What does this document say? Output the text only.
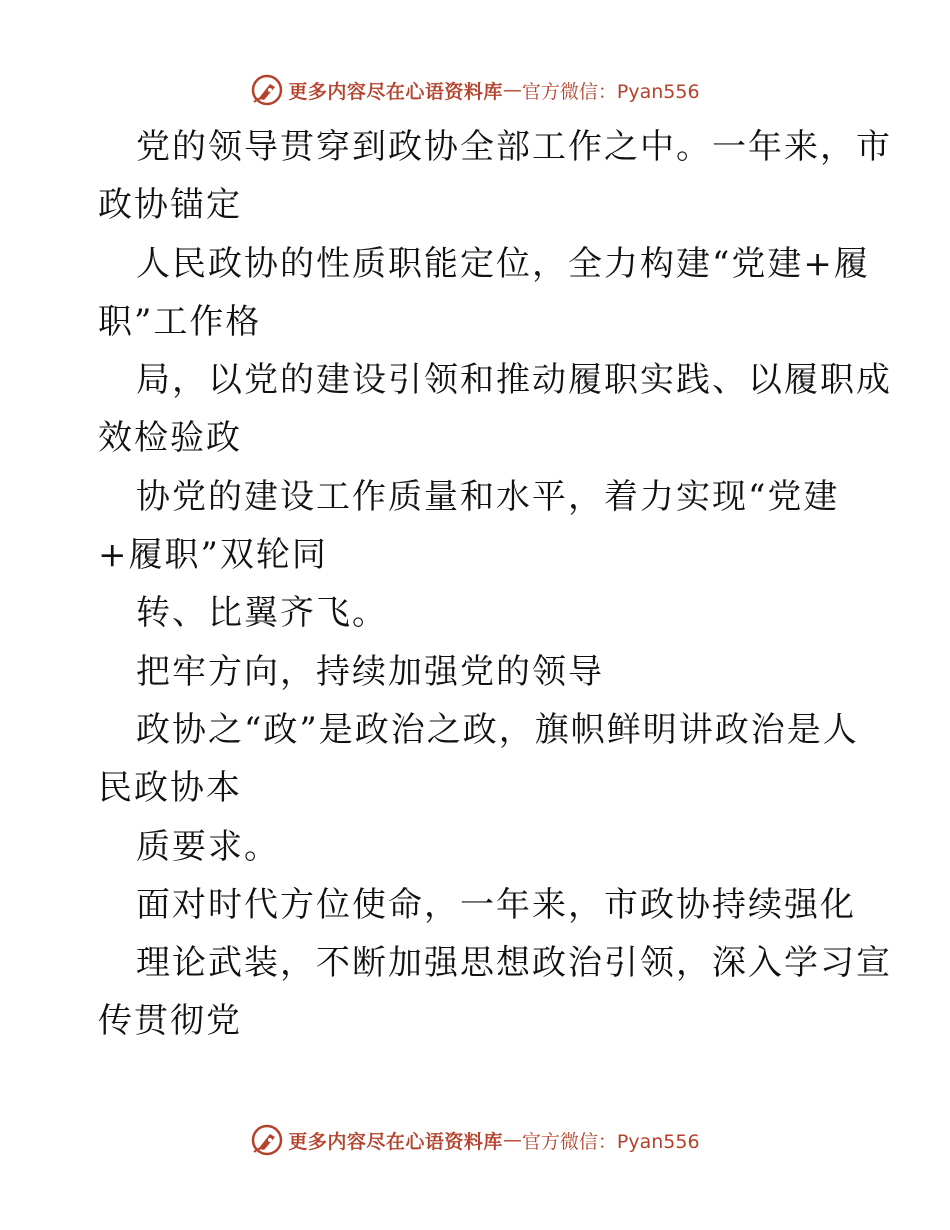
更多内容尽在心语资料库 — 官方微信：Pyan556
党的领导贯穿到政协全部工作之中。一年来，市
政协锚定
人民政协的性质职能定位，全力构建“党建+履
职”工作格
局，以党的建设引领和推动履职实践、以履职成
效检验政
协党的建设工作质量和水平，着力实现“党建
+履职”双轮同
转、比翼齐飞。
把牢方向，持续加强党的领导
政协之“政”是政治之政，旗帜鲜明讲政治是人
民政协本
质要求。
面对时代方位使命，一年来，市政协持续强化
理论武装，不断加强思想政治引领，深入学习宣
传贯彻党
更多内容尽在心语资料库 — 官方微信：Pyan556
